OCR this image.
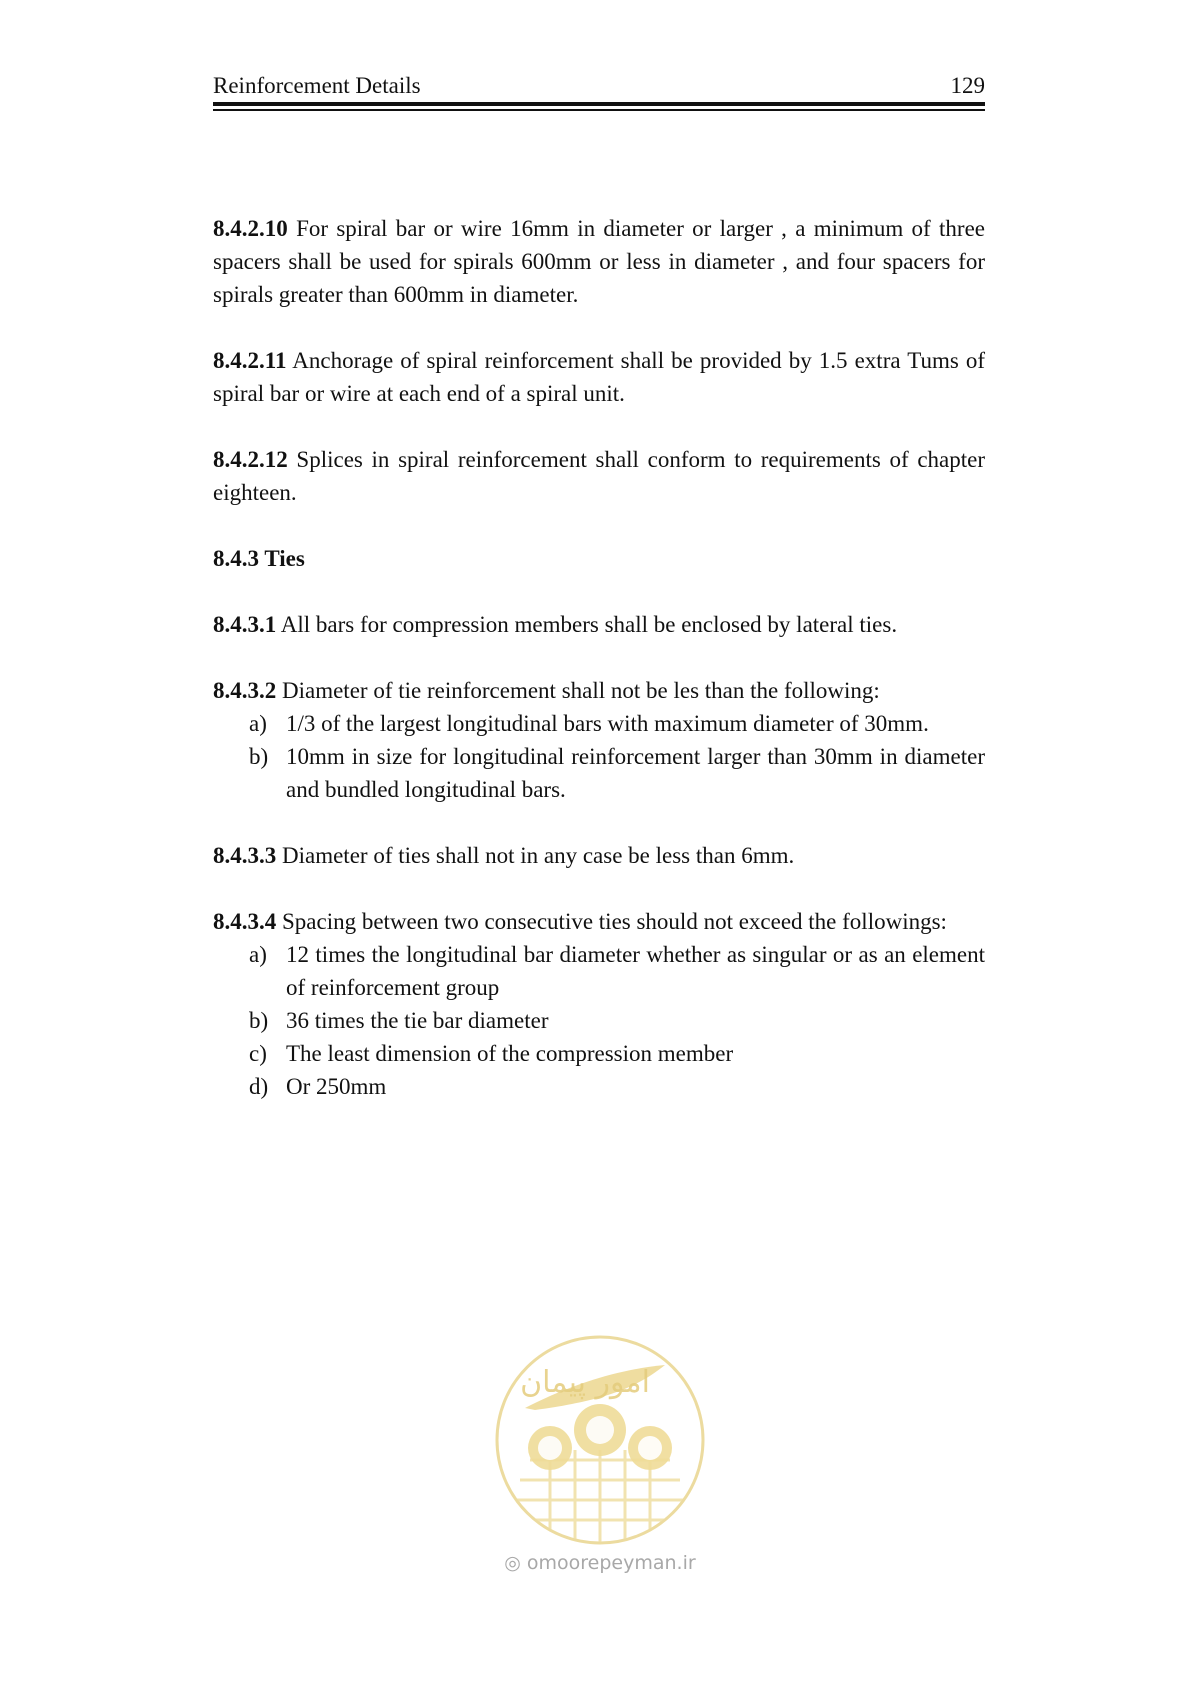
Reinforcement Details	129

8.4.2.10 For spiral bar or wire 16mm in diameter or larger , a minimum of three spacers shall be used for spirals 600mm or less in diameter , and four spacers for spirals greater than 600mm in diameter.

8.4.2.11 Anchorage of spiral reinforcement shall be provided by 1.5 extra Tums of spiral bar or wire at each end of a spiral unit.

8.4.2.12 Splices in spiral reinforcement shall conform to requirements of chapter eighteen.

8.4.3 Ties

8.4.3.1 All bars for compression members shall be enclosed by lateral ties.

8.4.3.2 Diameter of tie reinforcement shall not be les than the following:

a) 1/3 of the largest longitudinal bars with maximum diameter of 30mm.
b) 10mm in size for longitudinal reinforcement larger than 30mm in diameter and bundled longitudinal bars.

8.4.3.3 Diameter of ties shall not in any case be less than 6mm.

8.4.3.4 Spacing between two consecutive ties should not exceed the followings:

a) 12 times the longitudinal bar diameter whether as singular or as an element of reinforcement group
b) 36 times the tie bar diameter
c) The least dimension of the compression member
d) Or 250mm
امور پیمان
◎ omoorepeyman.ir
